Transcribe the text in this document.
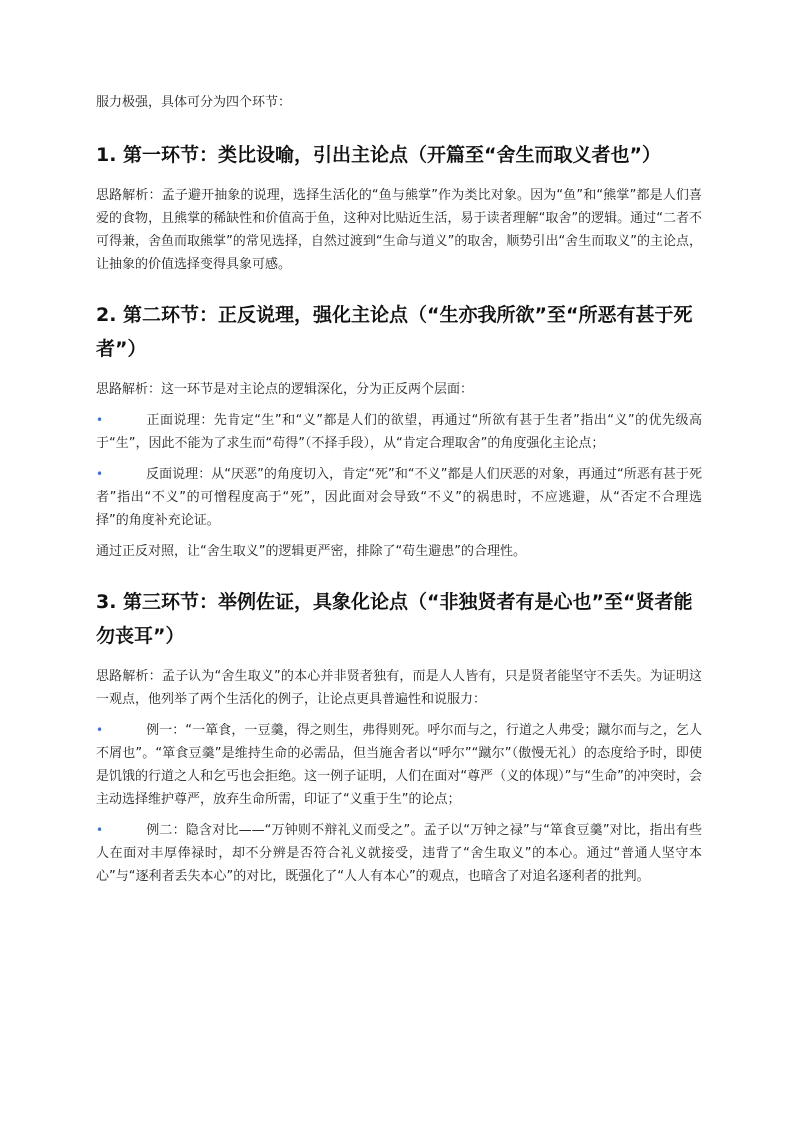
服力极强，具体可分为四个环节：

1. 第一环节：类比设喻，引出主论点（开篇至“舍生而取义者也”）

思路解析：孟子避开抽象的说理，选择生活化的“鱼与熊掌”作为类比对象。因为“鱼”和“熊掌”都是人们喜爱的食物，且熊掌的稀缺性和价值高于鱼，这种对比贴近生活，易于读者理解“取舍”的逻辑。通过“二者不可得兼，舍鱼而取熊掌”的常见选择，自然过渡到“生命与道义”的取舍，顺势引出“舍生而取义”的主论点，让抽象的价值选择变得具象可感。

2. 第二环节：正反说理，强化主论点（“生亦我所欲”至“所恶有甚于死者”）

思路解析：这一环节是对主论点的逻辑深化，分为正反两个层面：

•	正面说理：先肯定“生”和“义”都是人们的欲望，再通过“所欲有甚于生者”指出“义”的优先级高于“生”，因此不能为了求生而“苟得”（不择手段），从“肯定合理取舍”的角度强化主论点；

•	反面说理：从“厌恶”的角度切入，肯定“死”和“不义”都是人们厌恶的对象，再通过“所恶有甚于死者”指出“不义”的可憎程度高于“死”，因此面对会导致“不义”的祸患时，不应逃避，从“否定不合理选择”的角度补充论证。

通过正反对照，让“舍生取义”的逻辑更严密，排除了“苟生避患”的合理性。

3. 第三环节：举例佐证，具象化论点（“非独贤者有是心也”至“贤者能勿丧耳”）

思路解析：孟子认为“舍生取义”的本心并非贤者独有，而是人人皆有，只是贤者能坚守不丢失。为证明这一观点，他列举了两个生活化的例子，让论点更具普遍性和说服力：

•	例一：“一箪食，一豆羹，得之则生，弗得则死。呼尔而与之，行道之人弗受；蹴尔而与之，乞人不屑也”。“箪食豆羹”是维持生命的必需品，但当施舍者以“呼尔”“蹴尔”（傲慢无礼）的态度给予时，即使是饥饿的行道之人和乞丐也会拒绝。这一例子证明，人们在面对“尊严（义的体现）”与“生命”的冲突时，会主动选择维护尊严，放弃生命所需，印证了“义重于生”的论点；

•	例二：隐含对比——“万钟则不辩礼义而受之”。孟子以“万钟之禄”与“箪食豆羹”对比，指出有些人在面对丰厚俸禄时，却不分辨是否符合礼义就接受，违背了“舍生取义”的本心。通过“普通人坚守本心”与“逐利者丢失本心”的对比，既强化了“人人有本心”的观点，也暗含了对追名逐利者的批判。
